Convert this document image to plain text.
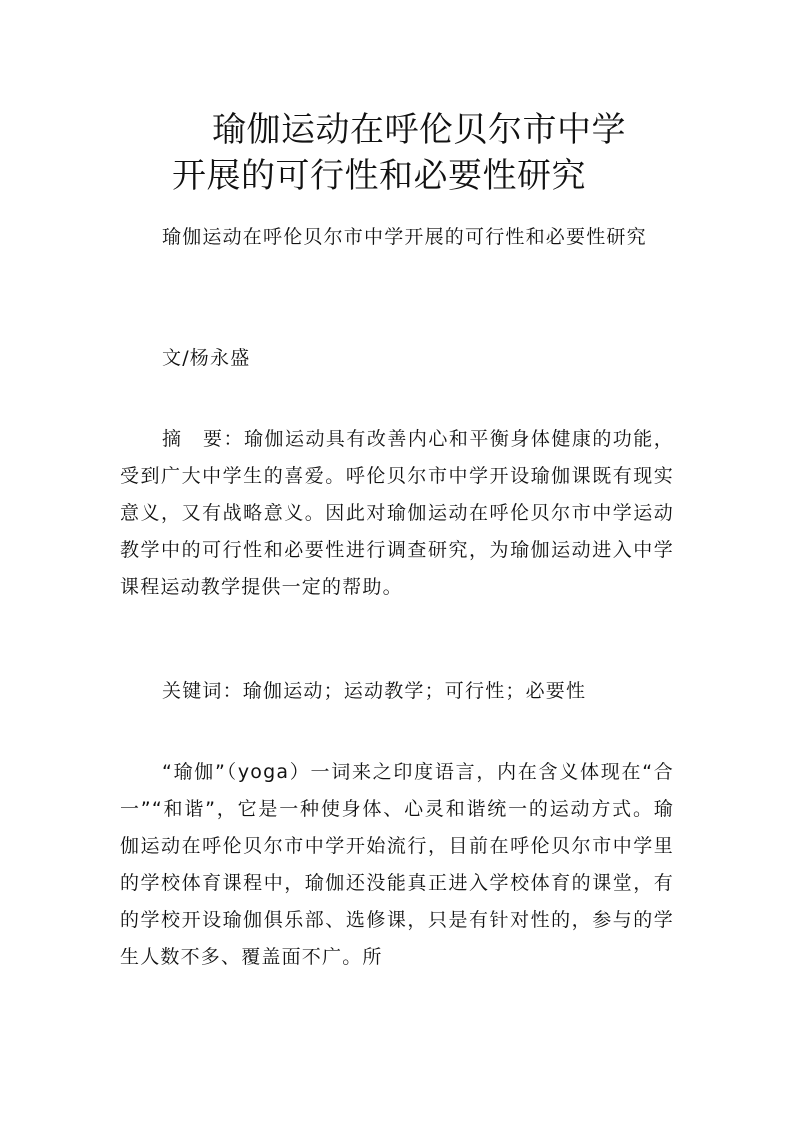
瑜伽运动在呼伦贝尔市中学
开展的可行性和必要性研究

瑜伽运动在呼伦贝尔市中学开展的可行性和必要性研究

文/杨永盛

摘　要：瑜伽运动具有改善内心和平衡身体健康的功能，受到广大中学生的喜爱。呼伦贝尔市中学开设瑜伽课既有现实意义，又有战略意义。因此对瑜伽运动在呼伦贝尔市中学运动教学中的可行性和必要性进行调查研究，为瑜伽运动进入中学课程运动教学提供一定的帮助。

关键词：瑜伽运动；运动教学；可行性；必要性

“瑜伽”（yoga）一词来之印度语言，内在含义体现在“合一”“和谐”，它是一种使身体、心灵和谐统一的运动方式。瑜伽运动在呼伦贝尔市中学开始流行，目前在呼伦贝尔市中学里的学校体育课程中，瑜伽还没能真正进入学校体育的课堂，有的学校开设瑜伽俱乐部、选修课，只是有针对性的，参与的学生人数不多、覆盖面不广。所
